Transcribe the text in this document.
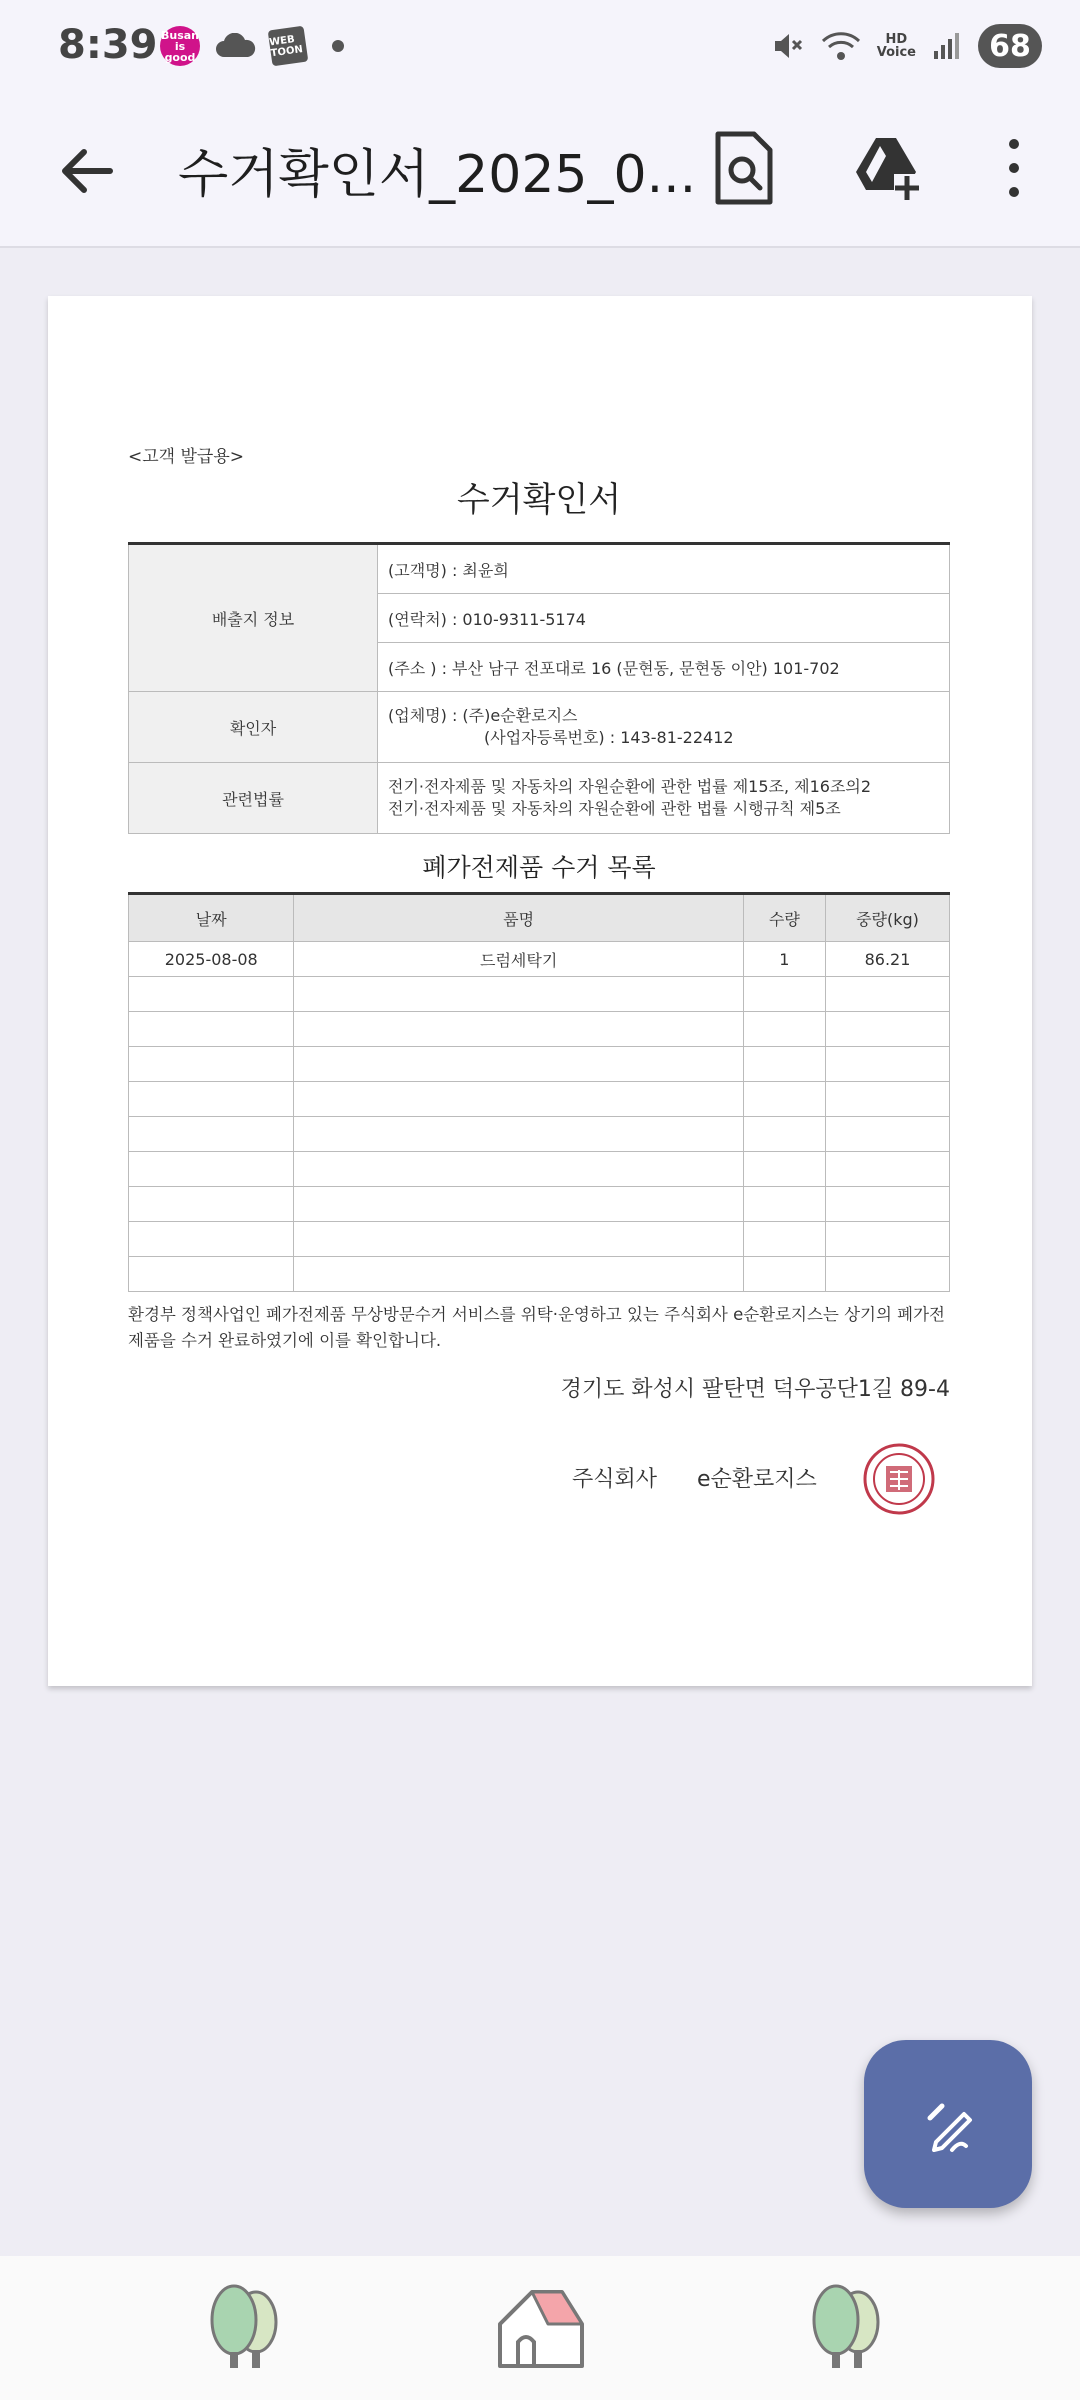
8:39 Busan is good
WEB TOON
HD
Voice	68
수거확인서_2025_0...
<고객 발급용>
수거확인서
배출지 정보	(고객명) : 최윤희
	(연락처) : 010-9311-5174
	(주소 ) : 부산 남구 전포대로 16 (문현동, 문현동 이안) 101-702
확인자	(업체명) : (주)e순환로지스
(사업자등록번호) : 143-81-22412
관련법률	전기·전자제품 및 자동차의 자원순환에 관한 법률 제15조, 제16조의2
전기·전자제품 및 자동차의 자원순환에 관한 법률 시행규칙 제5조
폐가전제품 수거 목록
날짜	품명	수량	중량(kg)
2025-08-08	드럼세탁기	1	86.21

환경부 정책사업인 폐가전제품 무상방문수거 서비스를 위탁·운영하고 있는 주식회사 e순환로지스는 상기의 폐가전제품을 수거 완료하였기에 이를 확인합니다.
경기도 화성시 팔탄면 덕우공단1길 89-4
주식회사 e순환로지스
